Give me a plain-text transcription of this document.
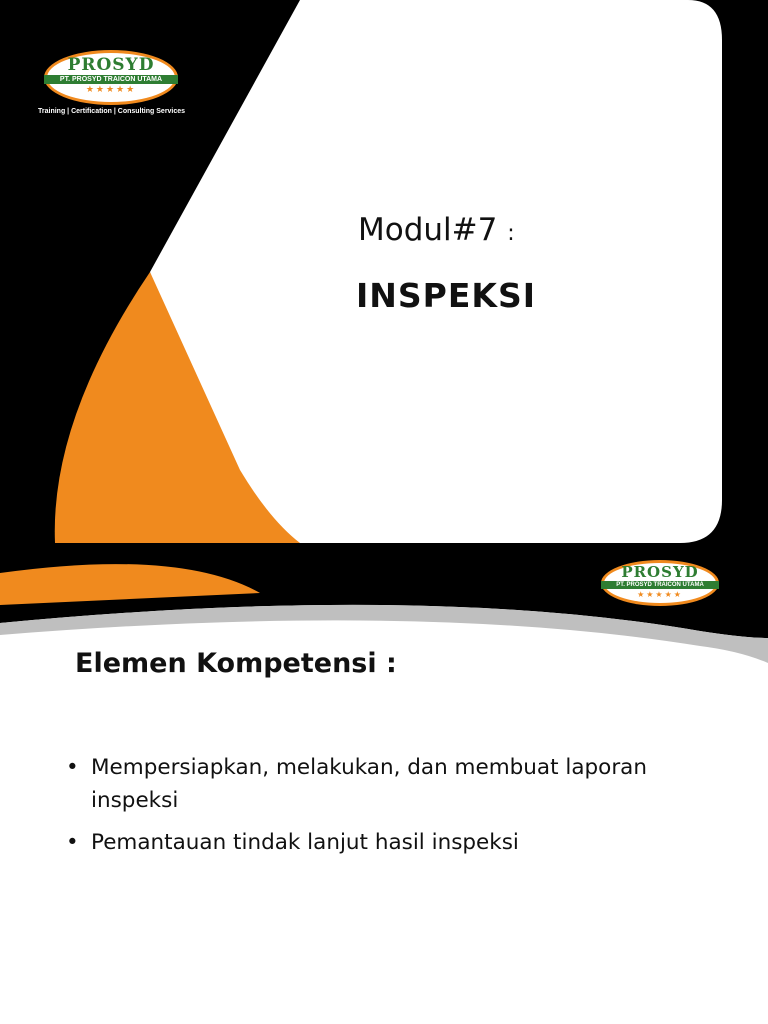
PROSYD
PT. PROSYD TRAICON UTAMA
★★★★★
Training | Certification | Consulting Services
Modul#7 :
INSPEKSI
PROSYD
PT. PROSYD TRAICON UTAMA
★★★★★
Training | Certification | Consulting Services
Elemen Kompetensi :
• Mempersiapkan, melakukan, dan membuat laporan inspeksi
• Pemantauan tindak lanjut hasil inspeksi
